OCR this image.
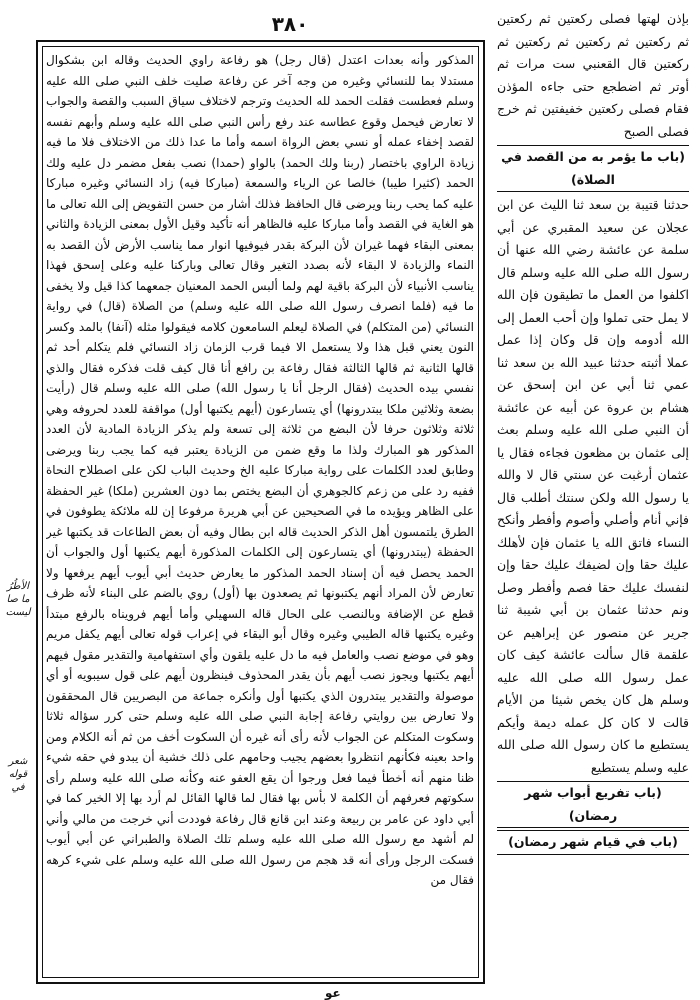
٣٨٠
الأطُرُ ما صا ليست
شعر قوله في

المذكور وأنه بعدات اعتدل (قال رجل) هو رفاعة راوي الحديث وقاله ابن بشكوال مستدلا بما للنسائي وغيره من وجه آخر عن رفاعة صليت خلف النبي صلى الله عليه وسلم فعطست فقلت الحمد لله الحديث وترجم لاختلاف سياق السبب والقصة والجواب لا تعارض فيحمل وقوع عطاسه عند رفع رأس النبي صلى الله عليه وسلم وأبهم نفسه لقصد إخفاء عمله أو نسي بعض الرواة اسمه وأما ما عدا ذلك من الاختلاف فلا ما فيه زيادة الراوي باختصار (ربنا ولك الحمد) بالواو (حمدا) نصب بفعل مضمر دل عليه ولك الحمد (كثيرا طيبا) خالصا عن الرياء والسمعة (مباركا فيه) زاد النسائي وغيره مباركا عليه كما يحب ربنا ويرضى قال الحافظ فذلك أشار من حسن التفويض إلى الله تعالى ما هو الغاية في القصد وأما مباركا عليه فالظاهر أنه تأكيد وقيل الأول بمعنى الزيادة والثاني بمعنى البقاء فهما غيران لأن البركة بقدر فيوفيها انوار مما يناسب الأرض لأن القصد به النماء والزيادة لا البقاء لأنه بصدد التغير وقال تعالى وباركنا عليه وعلى إسحق فهذا يناسب الأنبياء لأن البركة باقية لهم ولما ألبس الحمد المعنيان جمعهما كذا قيل ولا يخفى ما فيه (فلما انصرف رسول الله صلى الله عليه وسلم) من الصلاة (قال) في رواية النسائي (من المتكلم) في الصلاة ليعلم السامعون كلامه فيقولوا مثله (آنفا) بالمد وكسر النون يعني قبل هذا ولا يستعمل الا فيما قرب الزمان زاد النسائي فلم يتكلم أحد ثم قالها الثانية ثم قالها الثالثة فقال رفاعة بن رافع أنا قال كيف قلت فذكره فقال والذي نفسي بيده الحديث (فقال الرجل أنا يا رسول الله) صلى الله عليه وسلم قال (رأيت بضعة وثلاثين ملكا يبتدرونها) أي يتسارعون (أيهم يكتبها أول) مواقفة للعدد لحروفه وهي ثلاثة وثلاثون حرفا لأن البضع من ثلاثة إلى تسعة ولم يذكر الزيادة المادية لأن العدد المذكور هو المبارك ولذا ما وقع ضمن من الزيادة يعتبر فيه كما يجب ربنا ويرضى وطابق لعدد الكلمات على رواية مباركا عليه الخ وحديث الباب لكن على اصطلاح النحاة ففيه رد على من زعم كالجوهري أن البضع يختص بما دون العشرين (ملكا) غير الحفظة على الظاهر ويؤيده ما في الصحيحين عن أبي هريرة مرفوعا إن لله ملائكة يطوفون في الطرق يلتمسون أهل الذكر الحديث قاله ابن بطال وفيه أن بعض الطاعات قد يكتبها غير الحفظة (يبتدرونها) أي يتسارعون إلى الكلمات المذكورة أيهم يكتبها أول والجواب أن الحمد يحصل فيه أن إسناد الحمد المذكور ما يعارض حديث أبي أيوب أيهم يرفعها ولا تعارض لأن المراد أنهم يكتبونها ثم يصعدون بها (أول) روي بالضم على البناء لأنه ظرف قطع عن الإضافة وبالنصب على الحال قاله السهيلي وأما أيهم فرويناه بالرفع مبتدأ وغيره يكتبها قاله الطيبي وغيره وقال أبو البقاء في إعراب قوله تعالى أيهم يكفل مريم وهو في موضع نصب والعامل فيه ما دل عليه يلقون وأي استفهامية والتقدير مقول فيهم أيهم يكتبها ويجوز نصب أيهم بأن يقدر المحذوف فينظرون أيهم على قول سيبويه أو أي موصولة والتقدير يبتدرون الذي يكتبها أول وأنكره جماعة من البصريين قال المحققون ولا تعارض بين روايتي رفاعة إجابة النبي صلى الله عليه وسلم حتى كرر سؤاله ثلاثا وسكوت المتكلم عن الجواب لأنه رأى أنه غيره أن السكوت أخف من ثم أنه الكلام ومن واحد بعينه فكأنهم انتظروا بعضهم يجيب وحامهم على ذلك خشية أن يبدو في حقه شيء ظنا منهم أنه أخطأ فيما فعل ورجوا أن يقع العفو عنه وكأنه صلى الله عليه وسلم رأى سكوتهم فعرفهم أن الكلمة لا بأس بها فقال لما قالها القائل لم أرد بها إلا الخير كما في أبي داود عن عامر بن ربيعة وعند ابن قانع قال رفاعة فوددت أني خرجت من مالي وأني لم أشهد مع رسول الله صلى الله عليه وسلم تلك الصلاة والطبراني عن أبي أيوب فسكت الرجل ورأى أنه قد هجم من رسول الله صلى الله عليه وسلم على شيء كرهه فقال من

بإذن لهتها فصلى ركعتين ثم ركعتين ثم ركعتين ثم ركعتين ثم ركعتين ثم ركعتين قال القعنبي ست مرات ثم أوتر ثم اضطجع حتى جاءه المؤذن فقام فصلى ركعتين خفيفتين ثم خرج فصلى الصبح

(باب ما يؤمر به من القصد في الصلاة)

حدثنا قتيبة بن سعد ثنا الليث عن ابن عجلان عن سعيد المقبري عن أبي سلمة عن عائشة رضي الله عنها أن رسول الله صلى الله عليه وسلم قال اكلفوا من العمل ما تطيقون فإن الله لا يمل حتى تملوا وإن أحب العمل إلى الله أدومه وإن قل وكان إذا عمل عملا أثبته حدثنا عبيد الله بن سعد ثنا عمي ثنا أبي عن ابن إسحق عن هشام بن عروة عن أبيه عن عائشة أن النبي صلى الله عليه وسلم بعث إلى عثمان بن مظعون فجاءه فقال يا عثمان أرغبت عن سنتي قال لا والله يا رسول الله ولكن سنتك أطلب قال فإني أنام وأصلي وأصوم وأفطر وأنكح النساء فاتق الله يا عثمان فإن لأهلك عليك حقا وإن لضيفك عليك حقا وإن لنفسك عليك حقا فصم وأفطر وصل ونم حدثنا عثمان بن أبي شيبة ثنا جرير عن منصور عن إبراهيم عن علقمة قال سألت عائشة كيف كان عمل رسول الله صلى الله عليه وسلم هل كان يخص شيئا من الأيام قالت لا كان كل عمله ديمة وأيكم يستطيع ما كان رسول الله صلى الله عليه وسلم يستطيع

(باب تفريع أبواب شهر رمضان)
(باب في قيام شهر رمضان)
عو
